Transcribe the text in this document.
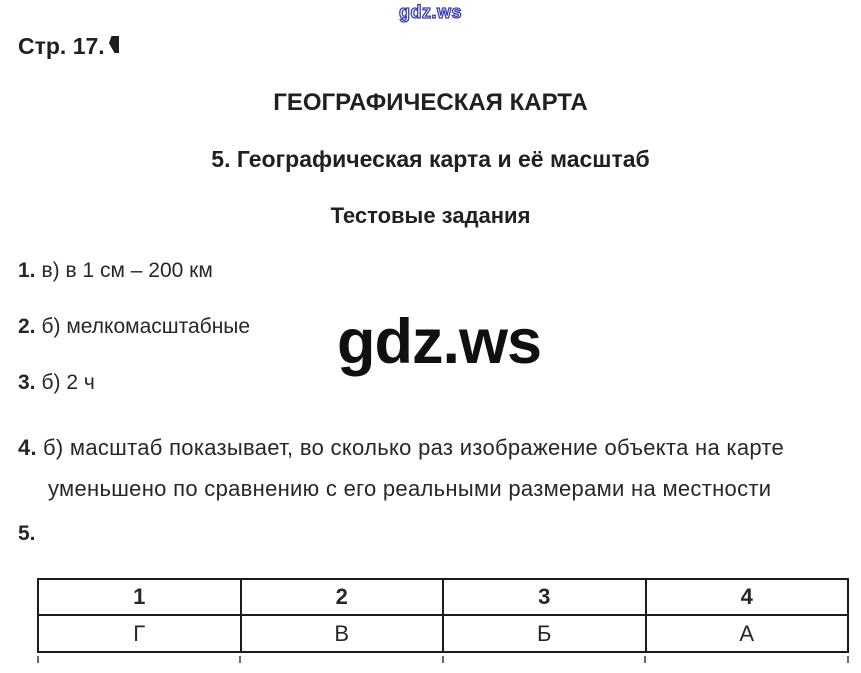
gdz.ws
Стр. 17.
ГЕОГРАФИЧЕСКАЯ КАРТА
5. Географическая карта и её масштаб
Тестовые задания
1. в) в 1 см – 200 км
2. б) мелкомасштабные gdz.ws
3. б) 2 ч
4. б) масштаб показывает, во сколько раз изображение объекта на карте
уменьшено по сравнению с его реальными размерами на местности
5.
1	2	3	4
Г	В	Б	А
